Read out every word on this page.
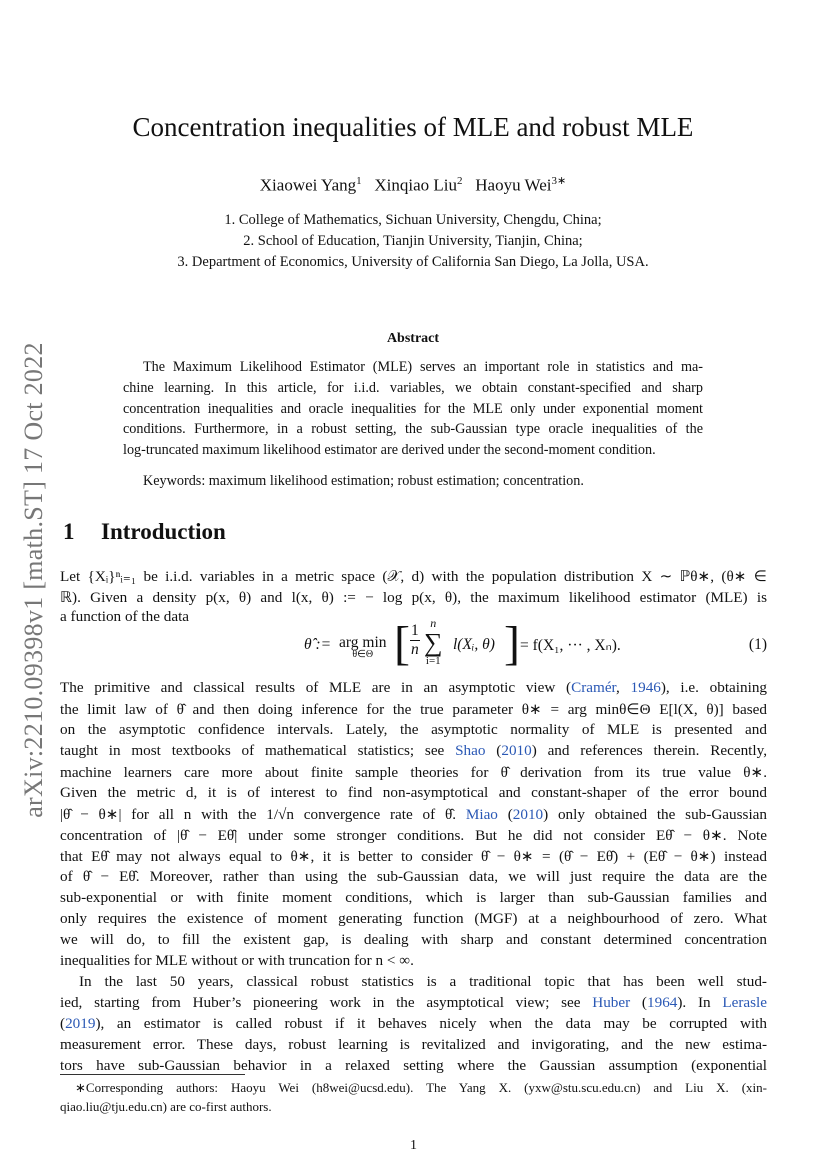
arXiv:2210.09398v1 [math.ST] 17 Oct 2022
Concentration inequalities of MLE and robust MLE
Xiaowei Yang$^1$ Xinqiao Liu$^2$ Haoyu Wei$^{3∗}$
1. College of Mathematics, Sichuan University, Chengdu, China;
2. School of Education, Tianjin University, Tianjin, China;
3. Department of Economics, University of California San Diego, La Jolla, USA.
Abstract
The Maximum Likelihood Estimator (MLE) serves an important role in statistics and ma-
chine learning. In this article, for i.i.d. variables, we obtain constant-specified and sharp
concentration inequalities and oracle inequalities for the MLE only under exponential moment
conditions. Furthermore, in a robust setting, the sub-Gaussian type oracle inequalities of the
log-truncated maximum likelihood estimator are derived under the second-moment condition.
Keywords: maximum likelihood estimation; robust estimation; concentration.
1 Introduction
Let {Xᵢ}ⁿᵢ₌₁ be i.i.d. variables in a metric space (𝒳, d) with the population distribution X ∼ ℙθ∗, (θ∗ ∈
ℝ). Given a density p(x, θ) and l(x, θ) := − log p(x, θ), the maximum likelihood estimator (MLE) is
a function of the data
θ̂ := arg min
θ∈Θ [ $\frac{1}{n}$ n
∑
i=1
l(Xᵢ, θ) ] = f(X₁, ··· , Xₙ).	(1)
The primitive and classical results of MLE are in an asymptotic view (Cramér, 1946), i.e. obtaining
the limit law of θ̂ and then doing inference for the true parameter θ∗ = arg minθ∈Θ E[l(X, θ)] based
on the asymptotic confidence intervals. Lately, the asymptotic normality of MLE is presented and
taught in most textbooks of mathematical statistics; see Shao (2010) and references therein. Recently,
machine learners care more about finite sample theories for θ̂ derivation from its true value θ∗.
Given the metric d, it is of interest to find non-asymptotical and constant-shaper of the error bound
|θ̂ − θ∗| for all n with the 1/√n convergence rate of θ̂. Miao (2010) only obtained the sub-Gaussian
concentration of |θ̂ − Eθ̂| under some stronger conditions. But he did not consider Eθ̂ − θ∗. Note
that Eθ̂ may not always equal to θ∗, it is better to consider θ̂ − θ∗ = (θ̂ − Eθ̂) + (Eθ̂ − θ∗) instead
of θ̂ − Eθ̂. Moreover, rather than using the sub-Gaussian data, we will just require the data are the
sub-exponential or with finite moment conditions, which is larger than sub-Gaussian families and
only requires the existence of moment generating function (MGF) at a neighbourhood of zero. What
we will do, to fill the existent gap, is dealing with sharp and constant determined concentration
inequalities for MLE without or with truncation for n < ∞.
In the last 50 years, classical robust statistics is a traditional topic that has been well stud-
ied, starting from Huber’s pioneering work in the asymptotical view; see Huber (1964). In Lerasle
(2019), an estimator is called robust if it behaves nicely when the data may be corrupted with
measurement error. These days, robust learning is revitalized and invigorating, and the new estima-
tors have sub-Gaussian behavior in a relaxed setting where the Gaussian assumption (exponential
∗Corresponding authors: Haoyu Wei (h8wei@ucsd.edu). The Yang X. (yxw@stu.scu.edu.cn) and Liu X. (xin-
qiao.liu@tju.edu.cn) are co-first authors.
1
